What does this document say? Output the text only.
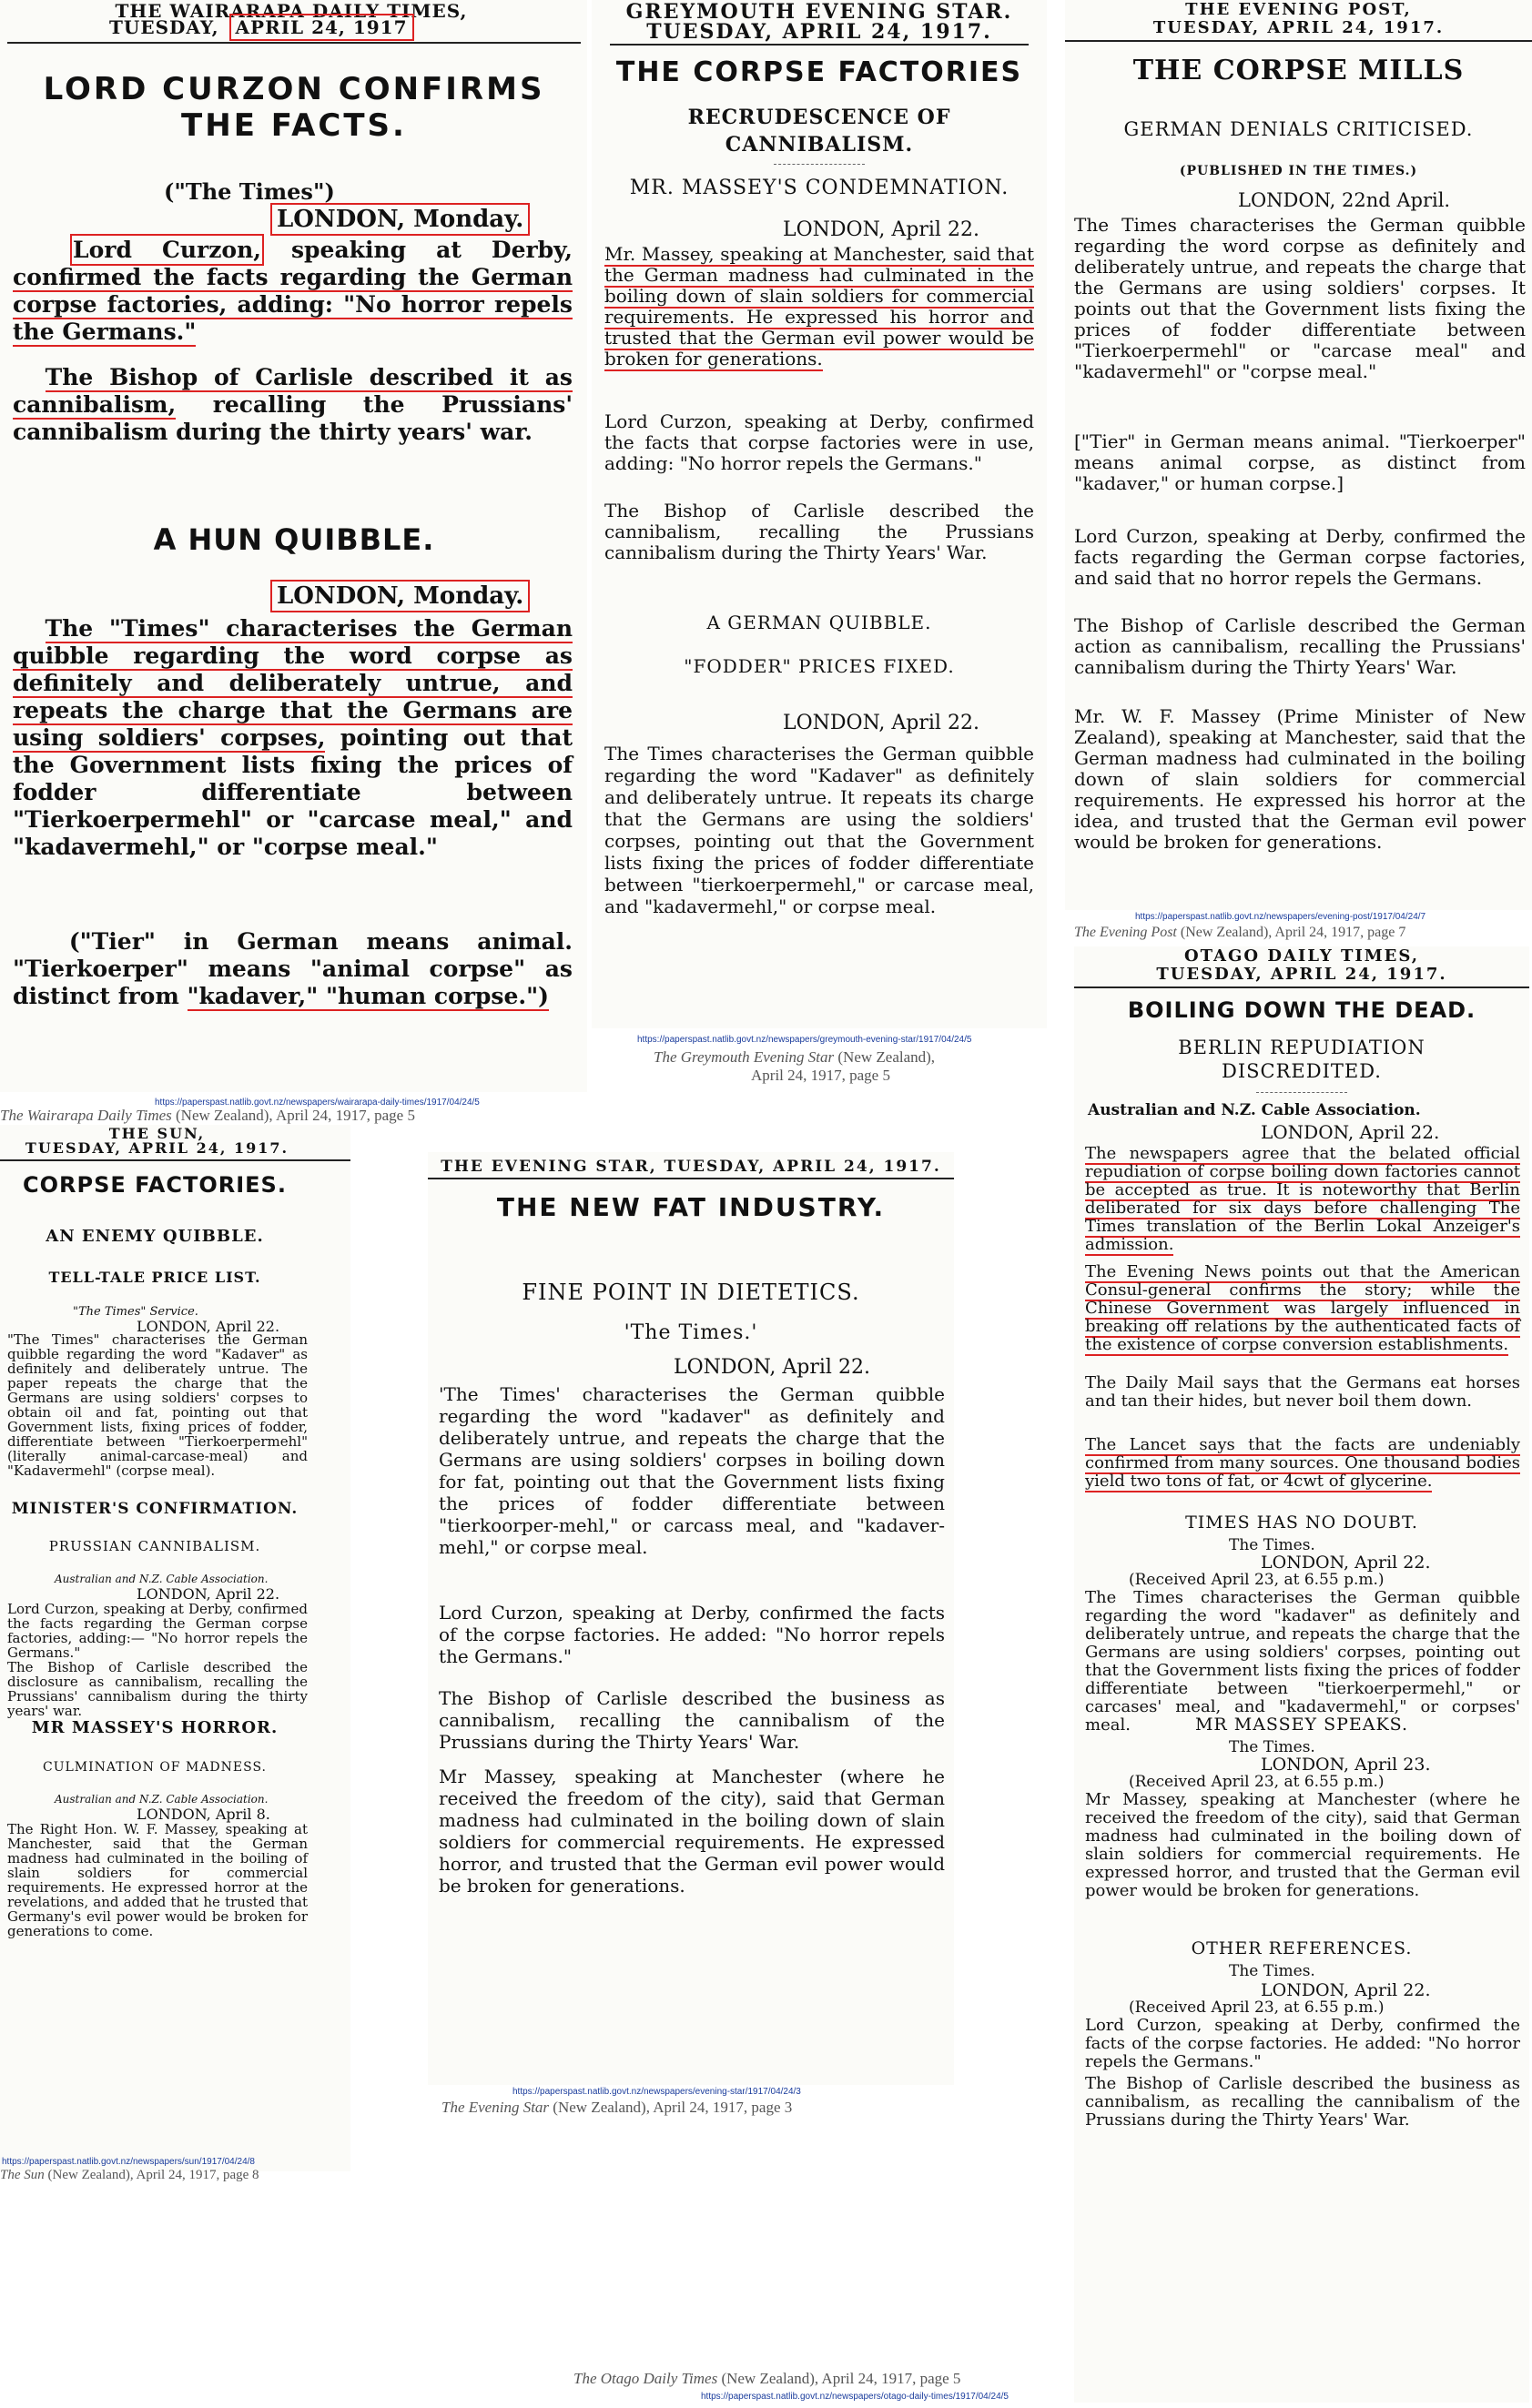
THE WAIRARAPA DAILY TIMES,
TUESDAY, APRIL 24, 1917
LORD CURZON CONFIRMS THE FACTS.
("The Times")
LONDON, Monday.

Lord Curzon, speaking at Derby, confirmed the facts regarding the German corpse factories, adding: "No horror repels the Germans."

The Bishop of Carlisle described it as cannibalism, recalling the Prussians' cannibalism during the thirty years' war.

A HUN QUIBBLE.
LONDON, Monday.

The "Times" characterises the German quibble regarding the word corpse as definitely and deliberately untrue, and repeats the charge that the Germans are using soldiers' corpses, pointing out that the Government lists fixing the prices of fodder differentiate between "Tierkoerpermehl" or "carcase meal," and "kadavermehl," or "corpse meal."

("Tier" in German means animal. "Tierkoerper" means "animal corpse" as distinct from "kadaver," "human corpse.")

https://paperspast.natlib.govt.nz/newspapers/wairarapa-daily-times/1917/04/24/5
The Wairarapa Daily Times (New Zealand), April 24, 1917, page 5
GREYMOUTH EVENING STAR.
TUESDAY, APRIL 24, 1917.
THE CORPSE FACTORIES
RECRUDESCENCE OF CANNIBALISM.
MR. MASSEY'S CONDEMNATION.
LONDON, April 22.

Mr. Massey, speaking at Manchester, said that the German madness had culminated in the boiling down of slain soldiers for commercial requirements. He expressed his horror and trusted that the German evil power would be broken for generations.

Lord Curzon, speaking at Derby, confirmed the facts that corpse factories were in use, adding: "No horror repels the Germans."

The Bishop of Carlisle described the cannibalism, recalling the Prussians cannibalism during the Thirty Years' War.

A GERMAN QUIBBLE.
"FODDER" PRICES FIXED.
LONDON, April 22.

The Times characterises the German quibble regarding the word "Kadaver" as definitely and deliberately untrue. It repeats its charge that the Germans are using the soldiers' corpses, pointing out that the Government lists fixing the prices of fodder differentiate between "tierkoerpermehl," or carcase meal, and "kadavermehl," or corpse meal.

https://paperspast.natlib.govt.nz/newspapers/greymouth-evening-star/1917/04/24/5
The Greymouth Evening Star (New Zealand),
April 24, 1917, page 5
THE EVENING POST,
TUESDAY, APRIL 24, 1917.
THE CORPSE MILLS
GERMAN DENIALS CRITICISED.
(PUBLISHED IN THE TIMES.)
LONDON, 22nd April.

The Times characterises the German quibble regarding the word corpse as definitely and deliberately untrue, and repeats the charge that the Germans are using soldiers' corpses. It points out that the Government lists fixing the prices of fodder differentiate between "Tierkoerpermehl" or "carcase meal" and "kadavermehl" or "corpse meal."

["Tier" in German means animal. "Tierkoerper" means animal corpse, as distinct from "kadaver," or human corpse.]

Lord Curzon, speaking at Derby, confirmed the facts regarding the German corpse factories, and said that no horror repels the Germans.

The Bishop of Carlisle described the German action as cannibalism, recalling the Prussians' cannibalism during the Thirty Years' War.

Mr. W. F. Massey (Prime Minister of New Zealand), speaking at Manchester, said that the German madness had culminated in the boiling down of slain soldiers for commercial requirements. He expressed his horror at the idea, and trusted that the German evil power would be broken for generations.

https://paperspast.natlib.govt.nz/newspapers/evening-post/1917/04/24/7
The Evening Post (New Zealand), April 24, 1917, page 7
OTAGO DAILY TIMES,
TUESDAY, APRIL 24, 1917.
BOILING DOWN THE DEAD.
BERLIN REPUDIATION DISCREDITED.
Australian and N.Z. Cable Association.
LONDON, April 22.

The newspapers agree that the belated official repudiation of corpse boiling down factories cannot be accepted as true. It is noteworthy that Berlin deliberated for six days before challenging The Times translation of the Berlin Lokal Anzeiger's admission.

The Evening News points out that the American Consul-general confirms the story; while the Chinese Government was largely influenced in breaking off relations by the authenticated facts of the existence of corpse conversion establishments.

The Daily Mail says that the Germans eat horses and tan their hides, but never boil them down.

The Lancet says that the facts are undeniably confirmed from many sources. One thousand bodies yield two tons of fat, or 4cwt of glycerine.

TIMES HAS NO DOUBT.
The Times.
LONDON, April 22.
(Received April 23, at 6.55 p.m.)

The Times characterises the German quibble regarding the word "kadaver" as definitely and deliberately untrue, and repeats the charge that the Germans are using soldiers' corpses, pointing out that the Government lists fixing the prices of fodder differentiate between "tierkoerpermehl," or carcases' meal, and "kadavermehl," or corpses' meal.	MR MASSEY SPEAKS.
The Times.
LONDON, April 23.
(Received April 23, at 6.55 p.m.)

Mr Massey, speaking at Manchester (where he received the freedom of the city), said that German madness had culminated in the boiling down of slain soldiers for commercial requirements. He expressed horror, and trusted that the German evil power would be broken for generations.

OTHER REFERENCES.
The Times.
LONDON, April 22.
(Received April 23, at 6.55 p.m.)

Lord Curzon, speaking at Derby, confirmed the facts of the corpse factories. He added: "No horror repels the Germans."

The Bishop of Carlisle described the business as cannibalism, as recalling the cannibalism of the Prussians during the Thirty Years' War.

THE SUN,
TUESDAY, APRIL 24, 1917.
CORPSE FACTORIES.
AN ENEMY QUIBBLE.
TELL-TALE PRICE LIST.
"The Times" Service.
LONDON, April 22.

"The Times" characterises the German quibble regarding the word "Kadaver" as definitely and deliberately untrue. The paper repeats the charge that the Germans are using soldiers' corpses to obtain oil and fat, pointing out that Government lists, fixing prices of fodder, differentiate between "Tierkoerpermehl" (literally animal-carcase-meal) and "Kadavermehl" (corpse meal).

MINISTER'S CONFIRMATION.
PRUSSIAN CANNIBALISM.
Australian and N.Z. Cable Association.
LONDON, April 22.

Lord Curzon, speaking at Derby, confirmed the facts regarding the German corpse factories, adding:— "No horror repels the Germans."

The Bishop of Carlisle described the disclosure as cannibalism, recalling the Prussians' cannibalism during the thirty years' war.

MR MASSEY'S HORROR.
CULMINATION OF MADNESS.
Australian and N.Z. Cable Association.
LONDON, April 8.

The Right Hon. W. F. Massey, speaking at Manchester, said that the German madness had culminated in the boiling of slain soldiers for commercial requirements. He expressed horror at the revelations, and added that he trusted that Germany's evil power would be broken for generations to come.

https://paperspast.natlib.govt.nz/newspapers/sun/1917/04/24/8
The Sun (New Zealand), April 24, 1917, page 8
THE EVENING STAR, TUESDAY, APRIL 24, 1917.
THE NEW FAT INDUSTRY.
FINE POINT IN DIETETICS.
'The Times.'
LONDON, April 22.

'The Times' characterises the German quibble regarding the word "kadaver" as definitely and deliberately untrue, and repeats the charge that the Germans are using soldiers' corpses in boiling down for fat, pointing out that the Government lists fixing the prices of fodder differentiate between "tierkoorper-mehl," or carcass meal, and "kadaver-mehl," or corpse meal.

Lord Curzon, speaking at Derby, confirmed the facts of the corpse factories. He added: "No horror repels the Germans."

The Bishop of Carlisle described the business as cannibalism, recalling the cannibalism of the Prussians during the Thirty Years' War.

Mr Massey, speaking at Manchester (where he received the freedom of the city), said that German madness had culminated in the boiling down of slain soldiers for commercial requirements. He expressed horror, and trusted that the German evil power would be broken for generations.

https://paperspast.natlib.govt.nz/newspapers/evening-star/1917/04/24/3
The Evening Star (New Zealand), April 24, 1917, page 3
The Otago Daily Times (New Zealand), April 24, 1917, page 5
https://paperspast.natlib.govt.nz/newspapers/otago-daily-times/1917/04/24/5
